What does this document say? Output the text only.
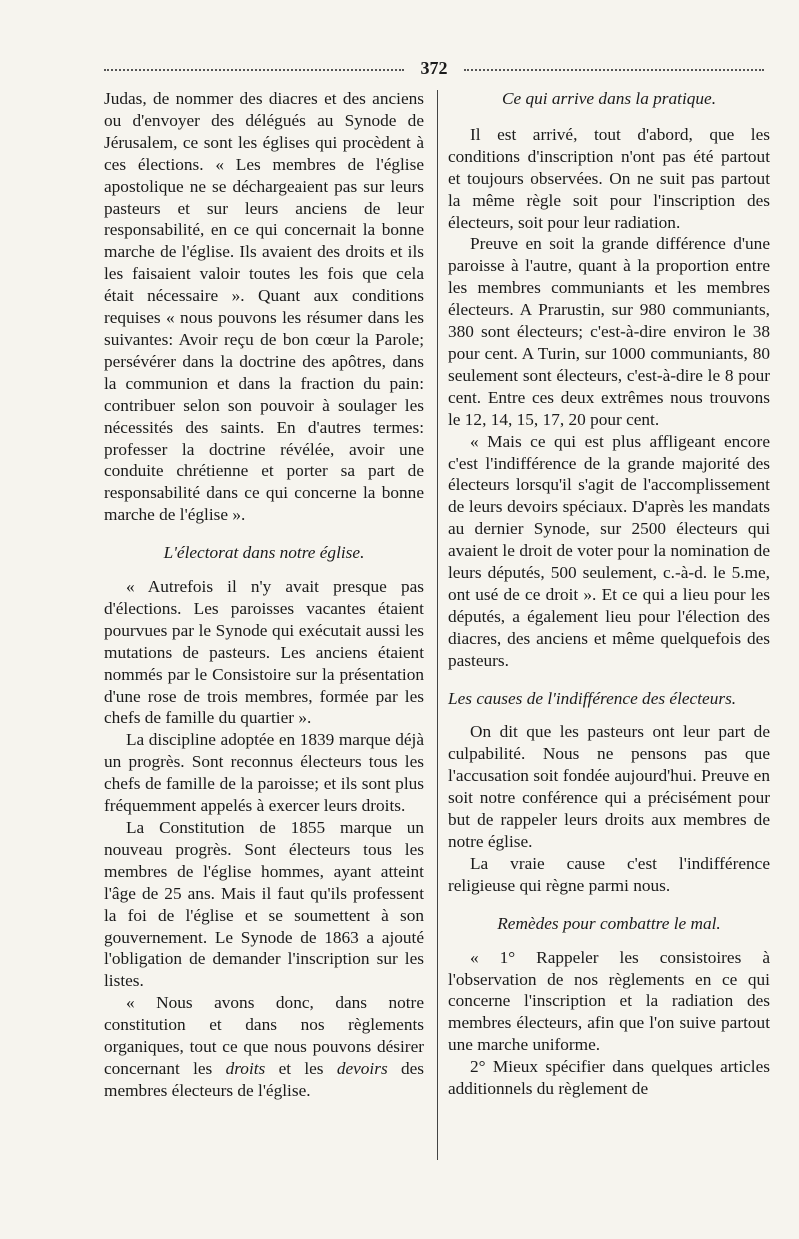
372

Judas, de nommer des diacres et des anciens ou d'envoyer des délégués au Synode de Jérusalem, ce sont les églises qui procèdent à ces élections. « Les membres de l'église apostolique ne se déchargeaient pas sur leurs pasteurs et sur leurs anciens de leur responsabilité, en ce qui concernait la bonne marche de l'église. Ils avaient des droits et ils les faisaient valoir toutes les fois que cela était nécessaire ». Quant aux conditions requises « nous pouvons les résumer dans les suivantes: Avoir reçu de bon cœur la Parole; persévérer dans la doctrine des apôtres, dans la communion et dans la fraction du pain: contribuer selon son pouvoir à soulager les nécessités des saints. En d'autres termes: professer la doctrine révélée, avoir une conduite chrétienne et porter sa part de responsabilité dans ce qui concerne la bonne marche de l'église ».

L'électorat dans notre église.

« Autrefois il n'y avait presque pas d'élections. Les paroisses vacantes étaient pourvues par le Synode qui exécutait aussi les mutations de pasteurs. Les anciens étaient nommés par le Consistoire sur la présentation d'une rose de trois membres, formée par les chefs de famille du quartier ».

La discipline adoptée en 1839 marque déjà un progrès. Sont reconnus électeurs tous les chefs de famille de la paroisse; et ils sont plus fréquemment appelés à exercer leurs droits.

La Constitution de 1855 marque un nouveau progrès. Sont électeurs tous les membres de l'église hommes, ayant atteint l'âge de 25 ans. Mais il faut qu'ils professent la foi de l'église et se soumettent à son gouvernement. Le Synode de 1863 a ajouté l'obligation de demander l'inscription sur les listes.

« Nous avons donc, dans notre constitution et dans nos règlements organiques, tout ce que nous pouvons désirer concernant les droits et les devoirs des membres électeurs de l'église.

Ce qui arrive dans la pratique.

Il est arrivé, tout d'abord, que les conditions d'inscription n'ont pas été partout et toujours observées. On ne suit pas partout la même règle soit pour l'inscription des électeurs, soit pour leur radiation.

Preuve en soit la grande différence d'une paroisse à l'autre, quant à la proportion entre les membres communiants et les membres électeurs. A Prarustin, sur 980 communiants, 380 sont électeurs; c'est-à-dire environ le 38 pour cent. A Turin, sur 1000 communiants, 80 seulement sont électeurs, c'est-à-dire le 8 pour cent. Entre ces deux extrêmes nous trouvons le 12, 14, 15, 17, 20 pour cent.

« Mais ce qui est plus affligeant encore c'est l'indifférence de la grande majorité des électeurs lorsqu'il s'agit de l'accomplissement de leurs devoirs spéciaux. D'après les mandats au dernier Synode, sur 2500 électeurs qui avaient le droit de voter pour la nomination de leurs députés, 500 seulement, c.-à-d. le 5.me, ont usé de ce droit ». Et ce qui a lieu pour les députés, a également lieu pour l'élection des diacres, des anciens et même quelquefois des pasteurs.

Les causes de l'indifférence des électeurs.

On dit que les pasteurs ont leur part de culpabilité. Nous ne pensons pas que l'accusation soit fondée aujourd'hui. Preuve en soit notre conférence qui a précisément pour but de rappeler leurs droits aux membres de notre église.

La vraie cause c'est l'indifférence religieuse qui règne parmi nous.

Remèdes pour combattre le mal.

« 1° Rappeler les consistoires à l'observation de nos règlements en ce qui concerne l'inscription et la radiation des membres électeurs, afin que l'on suive partout une marche uniforme.

2° Mieux spécifier dans quelques articles additionnels du règlement de
